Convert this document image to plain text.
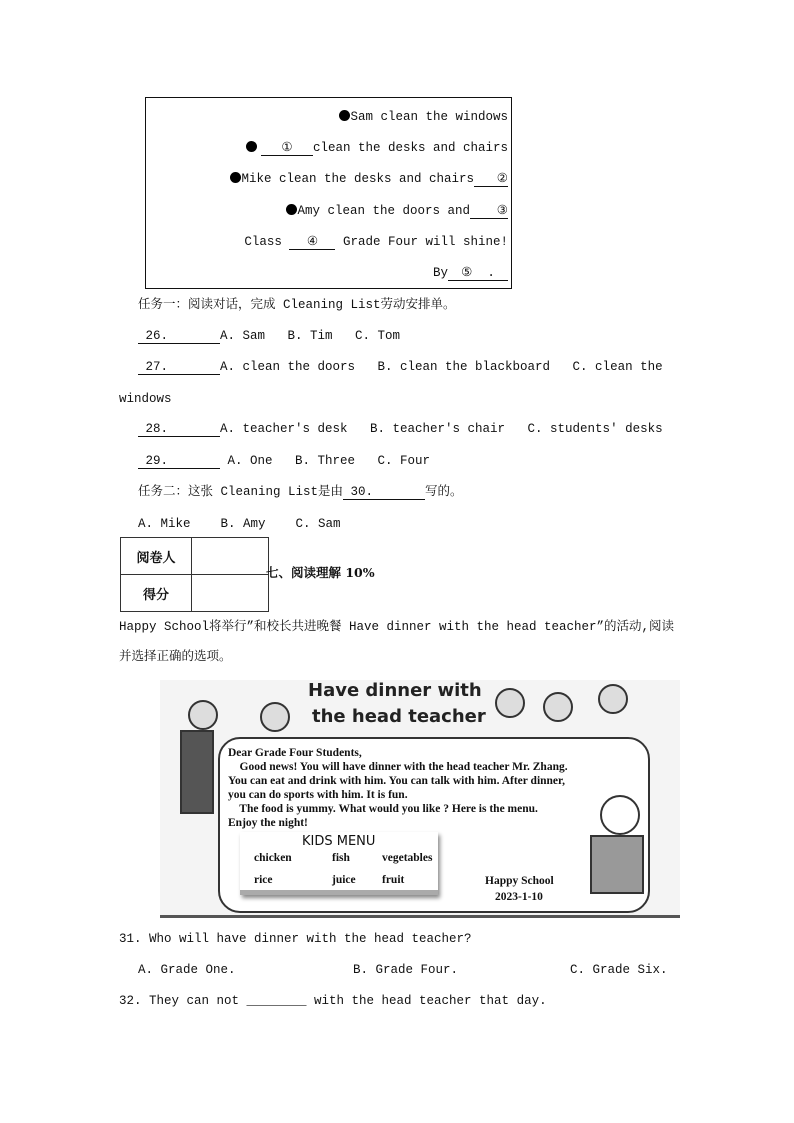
Sam clean the windows
① clean the desks and chairs
Mike clean the desks and chairs ②
Amy clean the doors and ③
Class ④ Grade Four will shine!
By ⑤ .
任务一：阅读对话，完成 Cleaning List劳动安排单。
26.	A. Sam   B. Tim   C. Tom
27.	A. clean the doors   B. clean the blackboard   C. clean the
windows
28.	A. teacher's desk   B. teacher's chair   C. students' desks
29.	A. One   B. Three   C. Four
任务二：这张 Cleaning List是由 30.	写的。
A. Mike    B. Amy    C. Sam
阅卷人	
得分	
七、阅读理解 10%
Happy School将举行”和校长共进晚餐 Have dinner with the head teacher”的活动,阅读
并选择正确的选项。
Have dinner with
the head teacher
Dear Grade Four Students,
Good news! You will have dinner with the head teacher Mr. Zhang.
You can eat and drink with him. You can talk with him. After dinner,
you can do sports with him. It is fun.
The food is yummy. What would you like ? Here is the menu.
Enjoy the night!
Happy School
2023-1-10
KIDS MENU
chicken	fish	vegetables
rice	juice fruit
31. Who will have dinner with the head teacher?
A. Grade One.	B. Grade Four.	C. Grade Six.
32. They can not ________ with the head teacher that day.
